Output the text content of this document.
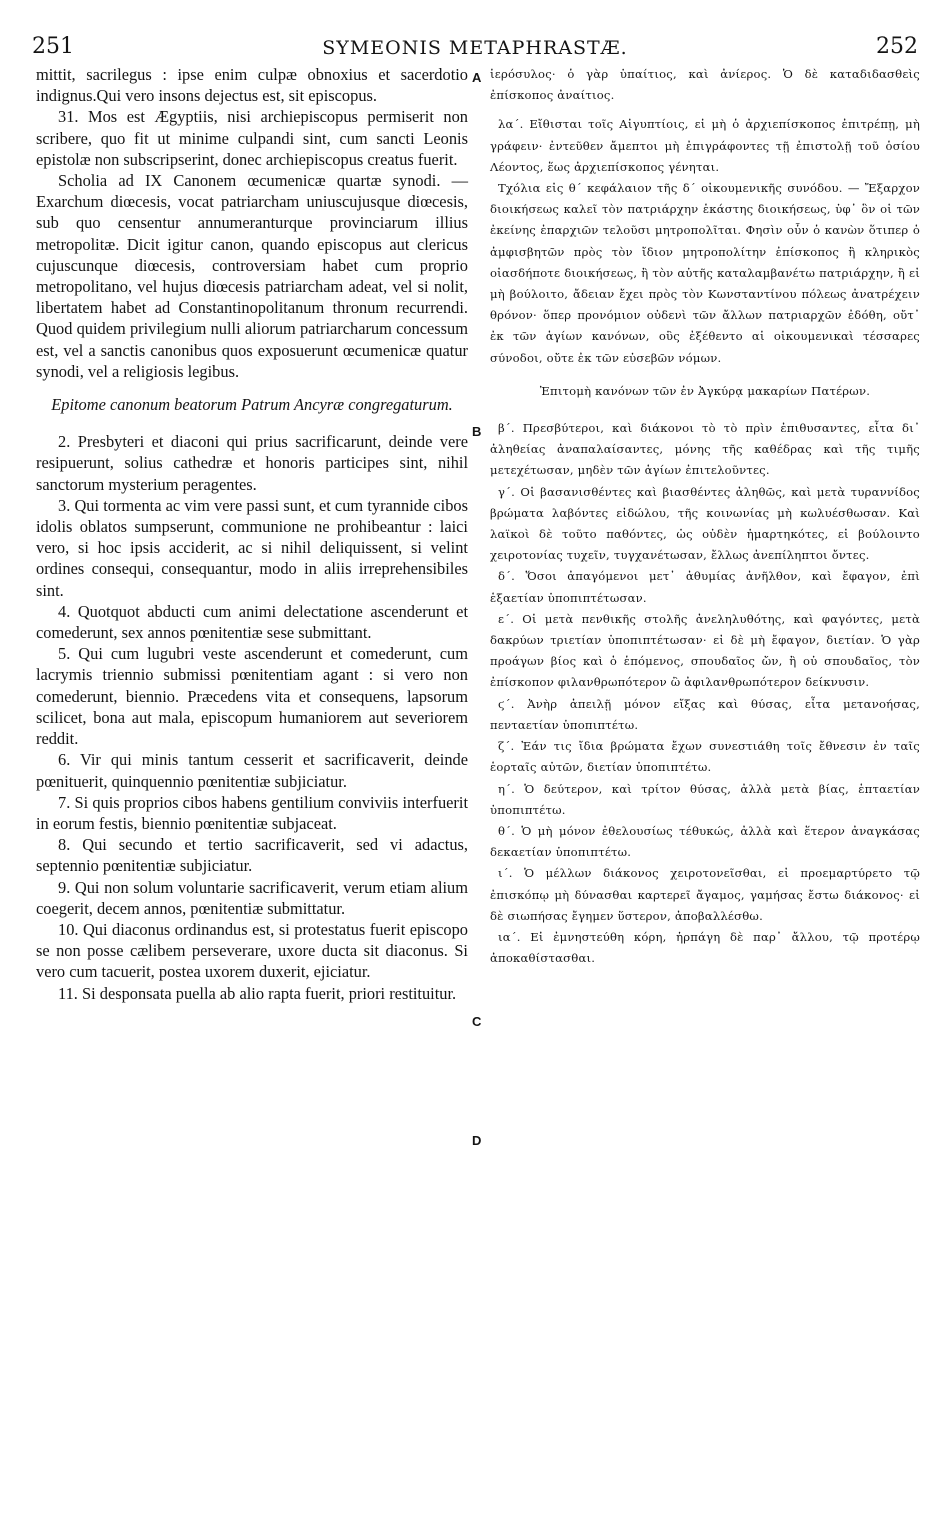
251	SYMEONIS METAPHRASTÆ.	252

mittit, sacrilegus : ipse enim culpæ obnoxius et sacerdotio indignus.Qui vero insons dejectus est, sit episcopus.

31. Mos est Ægyptiis, nisi archiepiscopus permiserit non scribere, quo fit ut minime culpandi sint, cum sancti Leonis epistolæ non subscripserint, donec archiepiscopus creatus fuerit.

Scholia ad IX Canonem œcumenicæ quartæ synodi. — Exarchum diœcesis, vocat patriarcham uniuscujusque diœcesis, sub quo censentur annumeranturque provinciarum illius metropolitæ. Dicit igitur canon, quando episcopus aut clericus cujuscunque diœcesis, controversiam habet cum proprio metropolitano, vel hujus diœcesis patriarcham adeat, vel si nolit, libertatem habet ad Constantinopolitanum thronum recurrendi. Quod quidem privilegium nulli aliorum patriarcharum concessum est, vel a sanctis canonibus quos exposuerunt œcumenicæ quatur synodi, vel a religiosis legibus.

Epitome canonum beatorum Patrum Ancyræ congregaturum.

2. Presbyteri et diaconi qui prius sacrificarunt, deinde vere resipuerunt, solius cathedræ et honoris participes sint, nihil sanctorum mysterium peragentes.

3. Qui tormenta ac vim vere passi sunt, et cum tyrannide cibos idolis oblatos sumpserunt, communione ne prohibeantur : laici vero, si hoc ipsis acciderit, ac si nihil deliquissent, si velint ordines consequi, consequantur, modo in aliis irreprehensibiles sint.

4. Quotquot abducti cum animi delectatione ascenderunt et comederunt, sex annos pœnitentiæ sese submittant.

5. Qui cum lugubri veste ascenderunt et comederunt, cum lacrymis triennio submissi pœnitentiam agant : si vero non comederunt, biennio. Præcedens vita et consequens, lapsorum scilicet, bona aut mala, episcopum humaniorem aut severiorem reddit.

6. Vir qui minis tantum cesserit et sacrificaverit, deinde pœnituerit, quinquennio pœnitentiæ subjiciatur.

7. Si quis proprios cibos habens gentilium conviviis interfuerit in eorum festis, biennio pœnitentiæ subjaceat.

8. Qui secundo et tertio sacrificaverit, sed vi adactus, septennio pœnitentiæ subjiciatur.

9. Qui non solum voluntarie sacrificaverit, verum etiam alium coegerit, decem annos, pœnitentiæ submittatur.

10. Qui diaconus ordinandus est, si protestatus fuerit episcopo se non posse cælibem perseverare, uxore ducta sit diaconus. Si vero cum tacuerit, postea uxorem duxerit, ejiciatur.

11. Si desponsata puella ab alio rapta fuerit, priori restituitur.

A
B
C
D

ἱερόσυλος· ὁ γὰρ ὑπαίτιος, καὶ ἀνίερος. Ὁ δὲ καταδιδασθεὶς ἐπίσκοπος ἀναίτιος.

λα΄. Εἴθισται τοῖς Αἰγυπτίοις, εἰ μὴ ὁ ἀρχιεπίσκοπος ἐπιτρέπῃ, μὴ γράφειν· ἐντεῦθεν ἄμεπτοι μὴ ἐπιγράφοντες τῇ ἐπιστολῇ τοῦ ὁσίου Λέοντος, ἕως ἀρχιεπίσκοπος γένηται.

Τχόλια εἰς θ΄ κεφάλαιον τῆς δ΄ οἰκουμενικῆς συνόδου. — Ἔξαρχον διοικήσεως καλεῖ τὸν πατριάρχην ἑκάστης διοικήσεως, ὑφ᾿ ὃν οἱ τῶν ἐκείνης ἐπαρχιῶν τελοῦσι μητροπολῖται. Φησὶν οὖν ὁ κανὼν ὅτιπερ ὁ ἀμφισβητῶν πρὸς τὸν ἴδιον μητροπολίτην ἐπίσκοπος ἢ κληρικὸς οἱασδήποτε διοικήσεως, ἢ τὸν αὐτῆς καταλαμβανέτω πατριάρχην, ἢ εἰ μὴ βούλοιτο, ἄδειαν ἔχει πρὸς τὸν Κωνσταντίνου πόλεως ἀνατρέχειν θρόνον· ὅπερ προνόμιον οὐδενὶ τῶν ἄλλων πατριαρχῶν ἐδόθη, οὔτ᾿ ἐκ τῶν ἁγίων κανόνων, οὓς ἐξέθεντο αἱ οἰκουμενικαὶ τέσσαρες σύνοδοι, οὔτε ἐκ τῶν εὐσεβῶν νόμων.

Ἐπιτομὴ κανόνων τῶν ἐν Ἀγκύρᾳ μακαρίων Πατέρων.

β΄. Πρεσβύτεροι, καὶ διάκονοι τὸ τὸ πρὶν ἐπιθυσαντες, εἶτα δι᾿ ἀληθείας ἀναπαλαίσαντες, μόνης τῆς καθέδρας καὶ τῆς τιμῆς μετεχέτωσαν, μηδὲν τῶν ἁγίων ἐπιτελοῦντες.

γ΄. Οἱ βασανισθέντες καὶ βιασθέντες ἀληθῶς, καὶ μετὰ τυραννίδος βρώματα λαβόντες εἰδώλου, τῆς κοινωνίας μὴ κωλυέσθωσαν. Καὶ λαϊκοὶ δὲ τοῦτο παθόντες, ὡς οὐδὲν ἡμαρτηκότες, εἰ βούλοιντο χειροτονίας τυχεῖν, τυγχανέτωσαν, ἔλλως ἀνεπίληπτοι ὄντες.

δ΄. Ὅσοι ἀπαγόμενοι μετ᾿ ἀθυμίας ἀνῆλθον, καὶ ἔφαγον, ἐπὶ ἑξαετίαν ὑποπιπτέτωσαν.

ε΄. Οἱ μετὰ πενθικῆς στολῆς ἀνεληλυθότης, καὶ φαγόντες, μετὰ δακρύων τριετίαν ὑποπιπτέτωσαν· εἰ δὲ μὴ ἔφαγον, διετίαν. Ὁ γὰρ προάγων βίος καὶ ὁ ἑπόμενος, σπουδαῖος ὤν, ἢ οὐ σπουδαῖος, τὸν ἐπίσκοπον φιλανθρωπότερον ὢ ἀφιλανθρωπότερον δείκνυσιν.

ϛ΄. Ἀνὴρ ἀπειλῇ μόνον εἴξας καὶ θύσας, εἶτα μετανοήσας, πενταετίαν ὑποπιπτέτω.

ζ΄. Ἐάν τις ἴδια βρώματα ἔχων συνεστιάθη τοῖς ἔθνεσιν ἐν ταῖς ἑορταῖς αὐτῶν, διετίαν ὑποπιπτέτω.

η΄. Ὁ δεύτερον, καὶ τρίτον θύσας, ἀλλὰ μετὰ βίας, ἑπταετίαν ὑποπιπτέτω.

θ΄. Ὁ μὴ μόνον ἐθελουσίως τέθυκώς, ἀλλὰ καὶ ἕτερον ἀναγκάσας δεκαετίαν ὑποπιπτέτω.

ι΄. Ὁ μέλλων διάκονος χειροτονεῖσθαι, εἰ προεμαρτύρετο τῷ ἐπισκόπῳ μὴ δύνασθαι καρτερεῖ ἄγαμος, γαμήσας ἔστω διάκονος· εἰ δὲ σιωπήσας ἔγημεν ὕστερον, ἀποβαλλέσθω.

ια΄. Εἰ ἐμνηστεύθη κόρη, ἡρπάγη δὲ παρ᾿ ἄλλου, τῷ προτέρῳ ἀποκαθίστασθαι.
